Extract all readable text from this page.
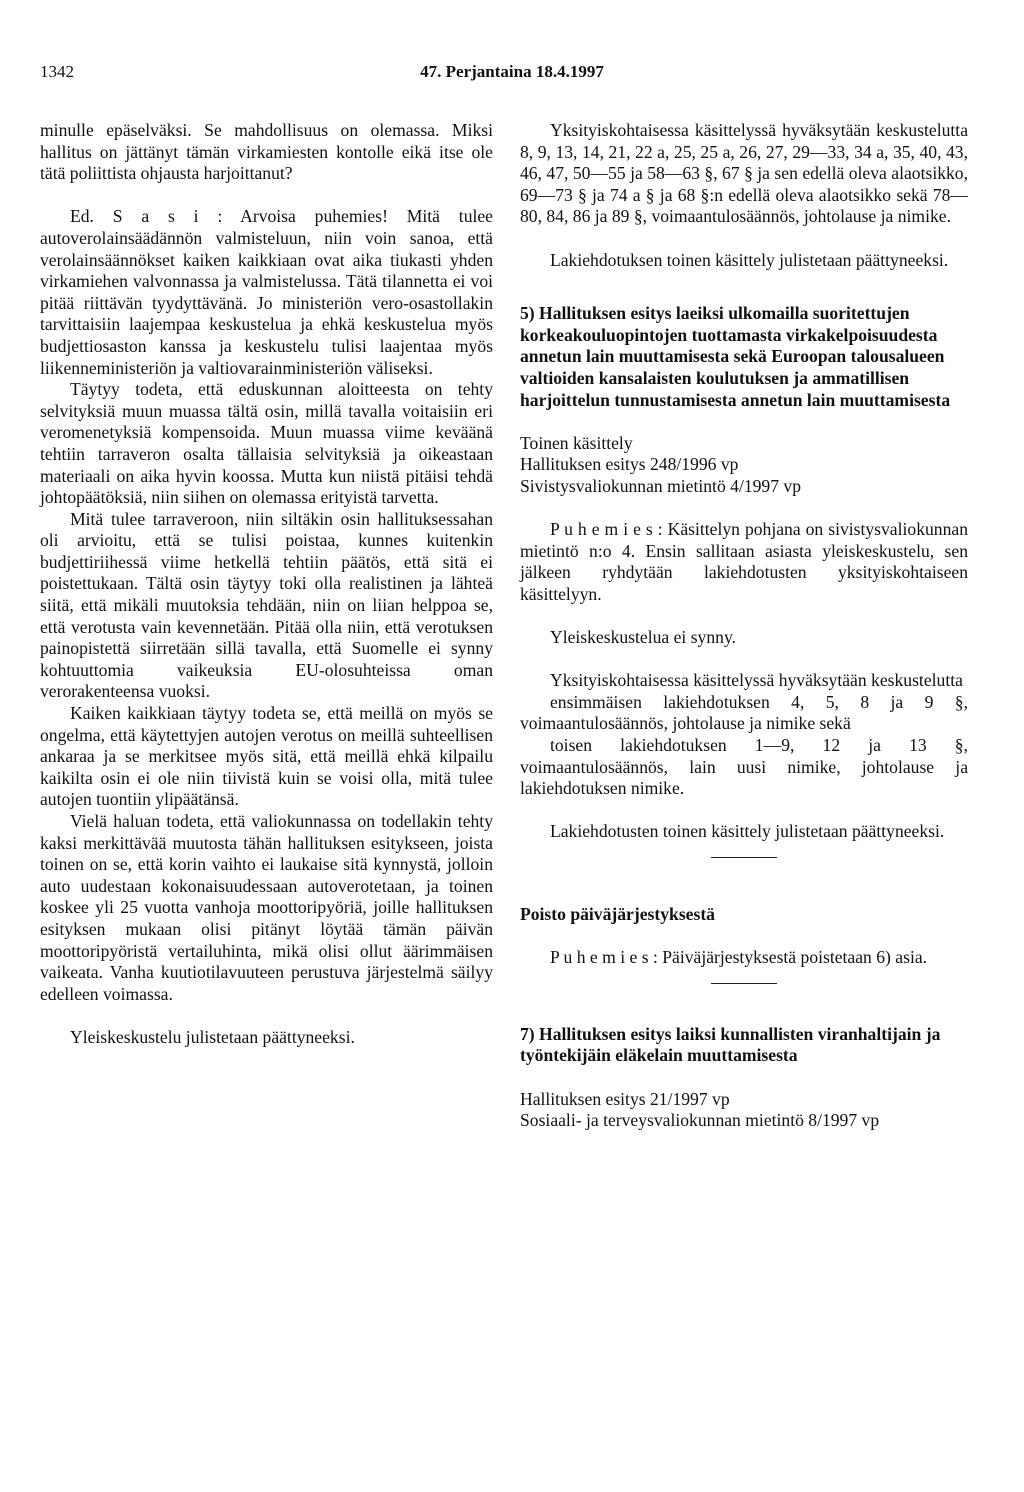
1342	47. Perjantaina 18.4.1997

minulle epäselväksi. Se mahdollisuus on olemassa. Miksi hallitus on jättänyt tämän virkamiesten kontolle eikä itse ole tätä poliittista ohjausta harjoittanut?

Ed. S a s i : Arvoisa puhemies! Mitä tulee autoverolainsäädännön valmisteluun, niin voin sanoa, että verolainsäännökset kaiken kaikkiaan ovat aika tiukasti yhden virkamiehen valvonnassa ja valmistelussa. Tätä tilannetta ei voi pitää riittävän tyydyttävänä. Jo ministeriön vero-osastollakin tarvittaisiin laajempaa keskustelua ja ehkä keskustelua myös budjettiosaston kanssa ja keskustelu tulisi laajentaa myös liikenneministeriön ja valtiovarainministeriön väliseksi.

Täytyy todeta, että eduskunnan aloitteesta on tehty selvityksiä muun muassa tältä osin, millä tavalla voitaisiin eri veromenetyksiä kompensoida. Muun muassa viime keväänä tehtiin tarraveron osalta tällaisia selvityksiä ja oikeastaan materiaali on aika hyvin koossa. Mutta kun niistä pitäisi tehdä johtopäätöksiä, niin siihen on olemassa erityistä tarvetta.

Mitä tulee tarraveroon, niin siltäkin osin hallituksessahan oli arvioitu, että se tulisi poistaa, kunnes kuitenkin budjettiriihessä viime hetkellä tehtiin päätös, että sitä ei poistettukaan. Tältä osin täytyy toki olla realistinen ja lähteä siitä, että mikäli muutoksia tehdään, niin on liian helppoa se, että verotusta vain kevennetään. Pitää olla niin, että verotuksen painopistettä siirretään sillä tavalla, että Suomelle ei synny kohtuuttomia vaikeuksia EU-olosuhteissa oman verorakenteensa vuoksi.

Kaiken kaikkiaan täytyy todeta se, että meillä on myös se ongelma, että käytettyjen autojen verotus on meillä suhteellisen ankaraa ja se merkitsee myös sitä, että meillä ehkä kilpailu kaikilta osin ei ole niin tiivistä kuin se voisi olla, mitä tulee autojen tuontiin ylipäätänsä.

Vielä haluan todeta, että valiokunnassa on todellakin tehty kaksi merkittävää muutosta tähän hallituksen esitykseen, joista toinen on se, että korin vaihto ei laukaise sitä kynnystä, jolloin auto uudestaan kokonaisuudessaan autoverotetaan, ja toinen koskee yli 25 vuotta vanhoja moottoripyöriä, joille hallituksen esityksen mukaan olisi pitänyt löytää tämän päivän moottoripyöristä vertailuhinta, mikä olisi ollut äärimmäisen vaikeata. Vanha kuutiotilavuuteen perustuva järjestelmä säilyy edelleen voimassa.

Yleiskeskustelu julistetaan päättyneeksi.

Yksityiskohtaisessa käsittelyssä hyväksytään keskustelutta 8, 9, 13, 14, 21, 22 a, 25, 25 a, 26, 27, 29—33, 34 a, 35, 40, 43, 46, 47, 50—55 ja 58—63 §, 67 § ja sen edellä oleva alaotsikko, 69—73 § ja 74 a § ja 68 §:n edellä oleva alaotsikko sekä 78—80, 84, 86 ja 89 §, voimaantulosäännös, johtolause ja nimike.

Lakiehdotuksen toinen käsittely julistetaan päättyneeksi.

5) Hallituksen esitys laeiksi ulkomailla suoritettujen korkeakouluopintojen tuottamasta virkakelpoisuudesta annetun lain muuttamisesta sekä Euroopan talousalueen valtioiden kansalaisten koulutuksen ja ammatillisen harjoittelun tunnustamisesta annetun lain muuttamisesta

Toinen käsittely

Hallituksen esitys 248/1996 vp

Sivistysvaliokunnan mietintö 4/1997 vp

P u h e m i e s : Käsittelyn pohjana on sivistysvaliokunnan mietintö n:o 4. Ensin sallitaan asiasta yleiskeskustelu, sen jälkeen ryhdytään lakiehdotusten yksityiskohtaiseen käsittelyyn.

Yleiskeskustelua ei synny.

Yksityiskohtaisessa käsittelyssä hyväksytään keskustelutta

ensimmäisen lakiehdotuksen 4, 5, 8 ja 9 §, voimaantulosäännös, johtolause ja nimike sekä

toisen lakiehdotuksen 1—9, 12 ja 13 §, voimaantulosäännös, lain uusi nimike, johtolause ja lakiehdotuksen nimike.

Lakiehdotusten toinen käsittely julistetaan päättyneeksi.

Poisto päiväjärjestyksestä

P u h e m i e s : Päiväjärjestyksestä poistetaan 6) asia.

7) Hallituksen esitys laiksi kunnallisten viranhaltijain ja työntekijäin eläkelain muuttamisesta

Hallituksen esitys 21/1997 vp

Sosiaali- ja terveysvaliokunnan mietintö 8/1997 vp
